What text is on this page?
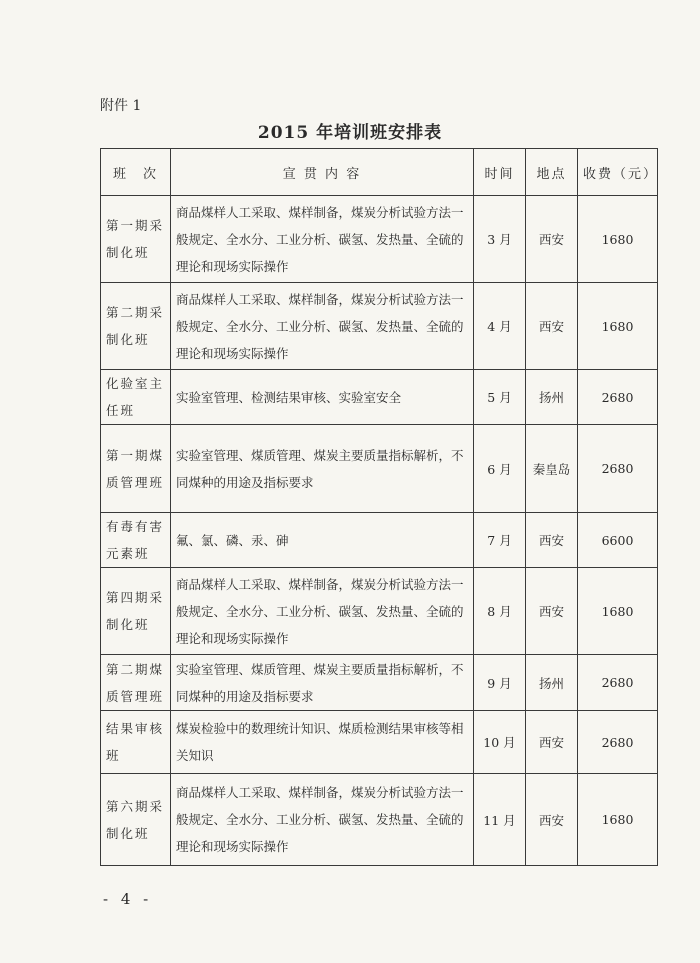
附件 1
2015 年培训班安排表
班　次	宣 贯 内 容	时间	地点	收费（元）
第一期采制化班	商品煤样人工采取、煤样制备，煤炭分析试验方法一般规定、全水分、工业分析、碳氢、发热量、全硫的理论和现场实际操作	3 月	西安	1680
第二期采制化班	商品煤样人工采取、煤样制备，煤炭分析试验方法一般规定、全水分、工业分析、碳氢、发热量、全硫的理论和现场实际操作	4 月	西安	1680
化验室主任班	实验室管理、检测结果审核、实验室安全	5 月	扬州	2680
第一期煤质管理班	实验室管理、煤质管理、煤炭主要质量指标解析，不同煤种的用途及指标要求	6 月	秦皇岛	2680
有毒有害元素班	氟、氯、磷、汞、砷	7 月	西安	6600
第四期采制化班	商品煤样人工采取、煤样制备，煤炭分析试验方法一般规定、全水分、工业分析、碳氢、发热量、全硫的理论和现场实际操作	8 月	西安	1680
第二期煤质管理班	实验室管理、煤质管理、煤炭主要质量指标解析，不同煤种的用途及指标要求	9 月	扬州	2680
结果审核班	煤炭检验中的数理统计知识、煤质检测结果审核等相关知识	10 月	西安	2680
第六期采制化班	商品煤样人工采取、煤样制备，煤炭分析试验方法一般规定、全水分、工业分析、碳氢、发热量、全硫的理论和现场实际操作	11 月	西安	1680
- 4 -
